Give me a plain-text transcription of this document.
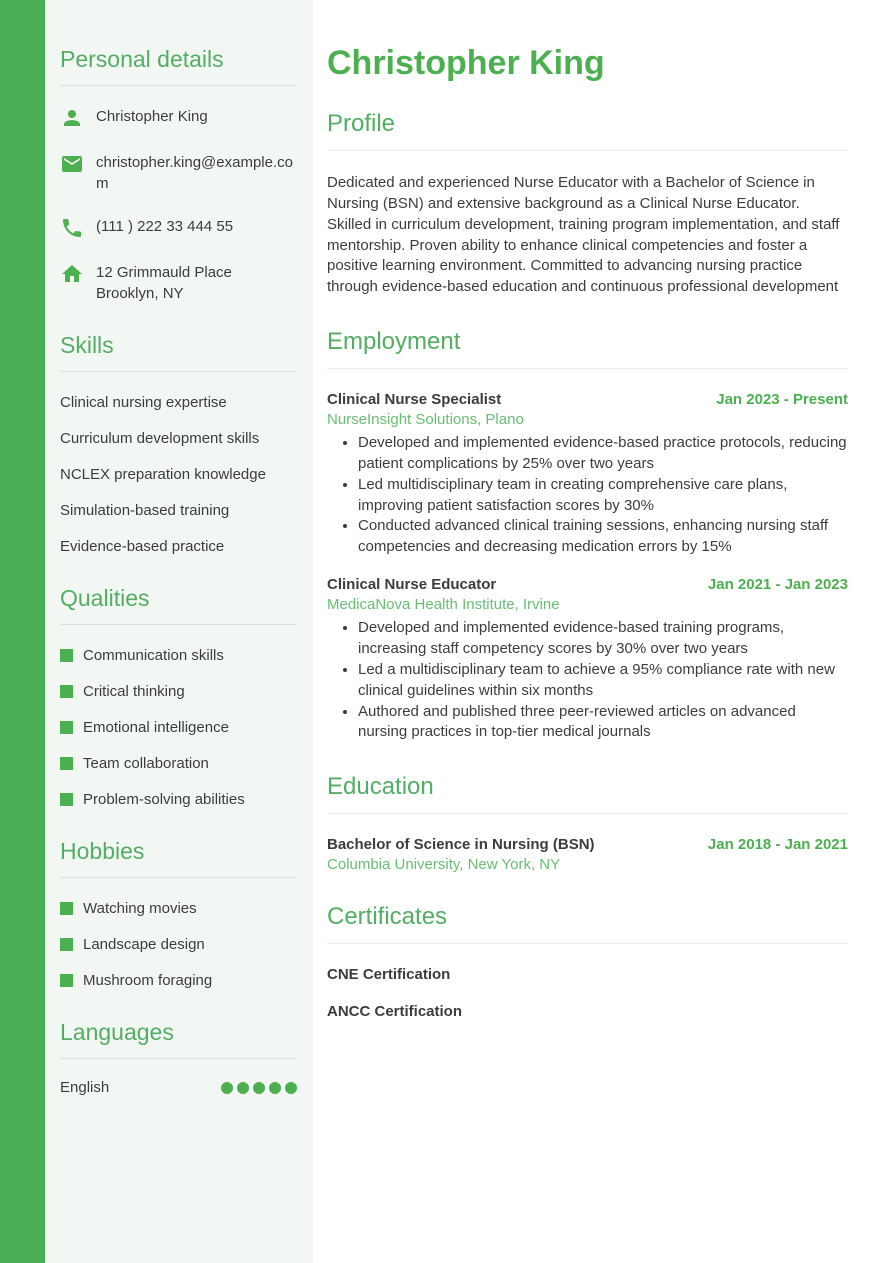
Personal details
Christopher King
christopher.king@example.com
(111 ) 222 33 444 55
12 Grimmauld Place
Brooklyn, NY
Skills
Clinical nursing expertise
Curriculum development skills
NCLEX preparation knowledge
Simulation-based training
Evidence-based practice
Qualities
Communication skills
Critical thinking
Emotional intelligence
Team collaboration
Problem-solving abilities
Hobbies
Watching movies
Landscape design
Mushroom foraging
Languages
English
Christopher King
Profile

Dedicated and experienced Nurse Educator with a Bachelor of Science in Nursing (BSN) and extensive background as a Clinical Nurse Educator. Skilled in curriculum development, training program implementation, and staff mentorship. Proven ability to enhance clinical competencies and foster a positive learning environment. Committed to advancing nursing practice through evidence-based education and continuous professional development

Employment
Clinical Nurse Specialist	Jan 2023 - Present
NurseInsight Solutions, Plano
• Developed and implemented evidence-based practice protocols, reducing patient complications by 25% over two years
• Led multidisciplinary team in creating comprehensive care plans, improving patient satisfaction scores by 30%
• Conducted advanced clinical training sessions, enhancing nursing staff competencies and decreasing medication errors by 15%
Clinical Nurse Educator	Jan 2021 - Jan 2023
MedicaNova Health Institute, Irvine
• Developed and implemented evidence-based training programs, increasing staff competency scores by 30% over two years
• Led a multidisciplinary team to achieve a 95% compliance rate with new clinical guidelines within six months
• Authored and published three peer-reviewed articles on advanced nursing practices in top-tier medical journals
Education
Bachelor of Science in Nursing (BSN)	Jan 2018 - Jan 2021
Columbia University, New York, NY
Certificates
CNE Certification
ANCC Certification
